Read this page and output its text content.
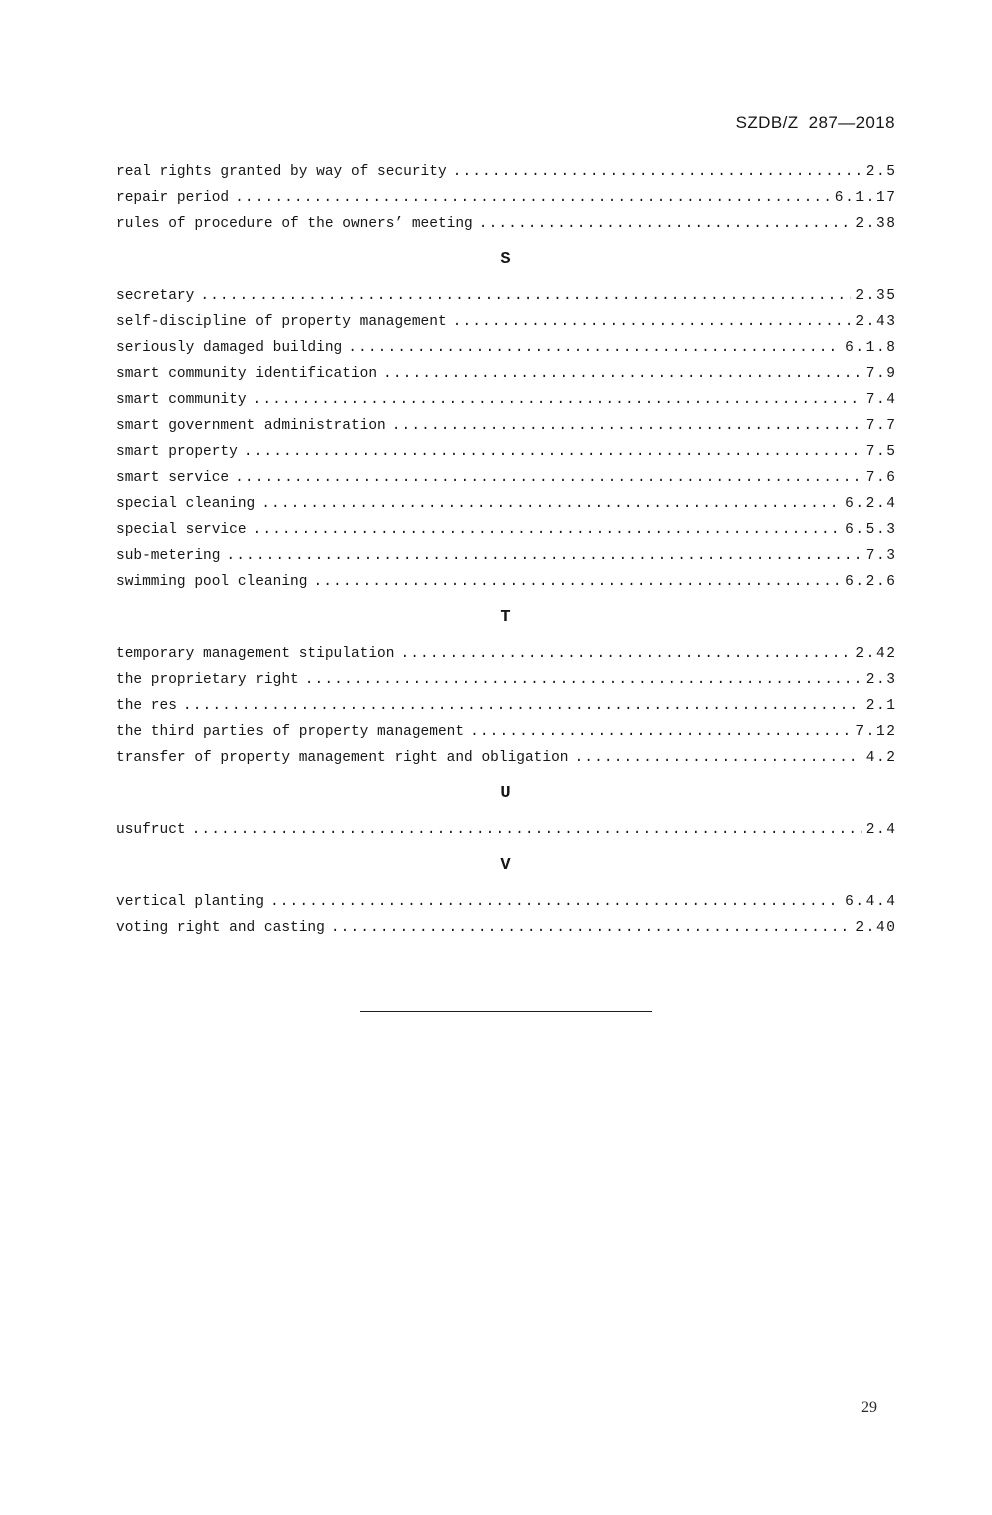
SZDB/Z 287—2018
real rights granted by way of security .....	2.5
repair period .....	6.1.17
rules of procedure of the owners’ meeting .....	2.38
S
secretary .....	2.35
self-discipline of property management .....	2.43
seriously damaged building .....	6.1.8
smart community identification .....	7.9
smart community .....	7.4
smart government administration .....	7.7
smart property .....	7.5
smart service .....	7.6
special cleaning .....	6.2.4
special service .....	6.5.3
sub-metering .....	7.3
swimming pool cleaning .....	6.2.6
T
temporary management stipulation .....	2.42
the proprietary right .....	2.3
the res .....	2.1
the third parties of property management .....	7.12
transfer of property management right and obligation .....	4.2
U
usufruct .....	2.4
V
vertical planting .....	6.4.4
voting right and casting .....	2.40
29
